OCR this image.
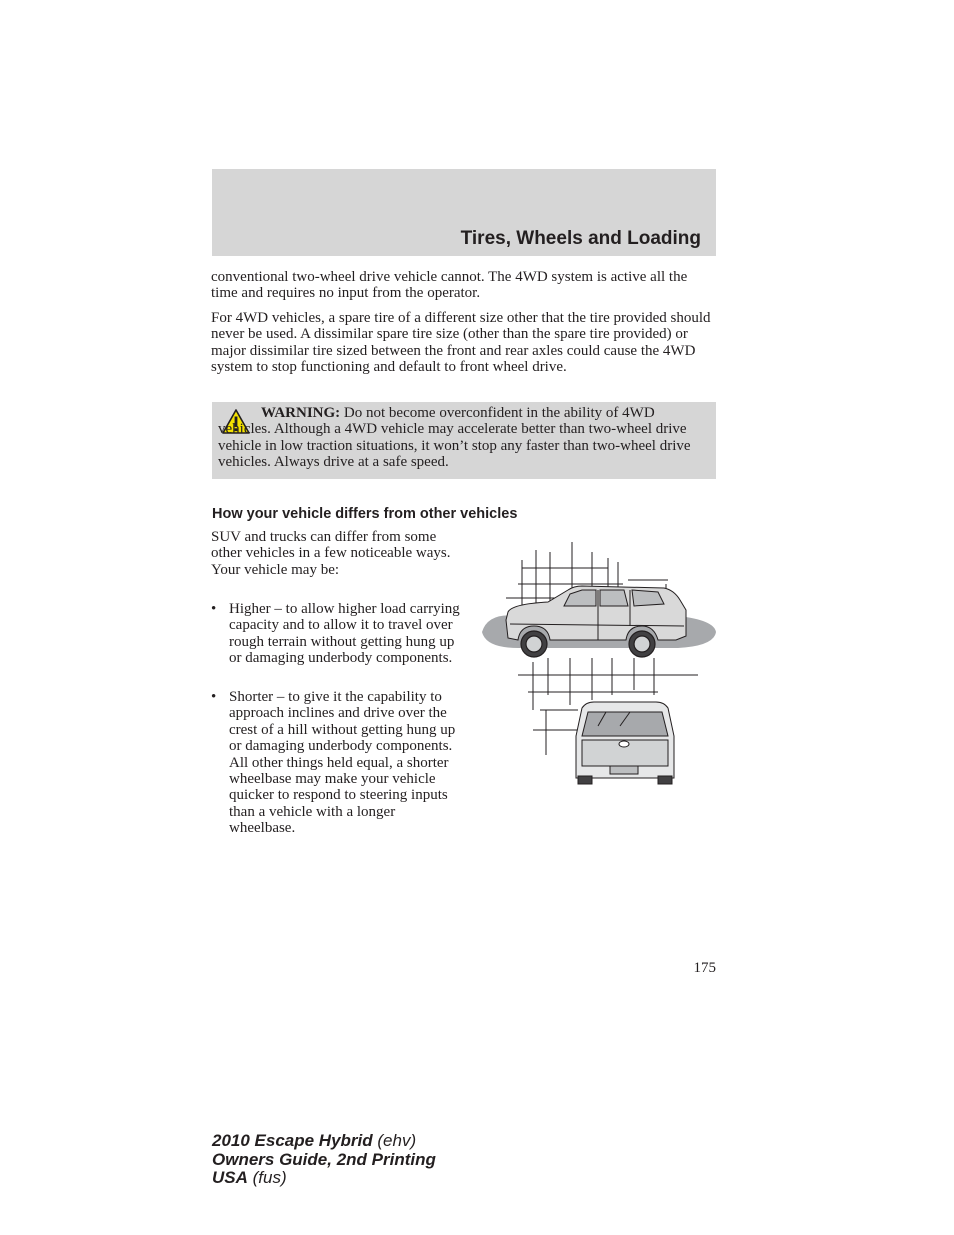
Tires, Wheels and Loading

conventional two-wheel drive vehicle cannot. The 4WD system is active all the time and requires no input from the operator.

For 4WD vehicles, a spare tire of a different size other that the tire provided should never be used. A dissimilar spare tire size (other than the spare tire provided) or major dissimilar tire sized between the front and rear axles could cause the 4WD system to stop functioning and default to front wheel drive.

WARNING: Do not become overconfident in the ability of 4WD vehicles. Although a 4WD vehicle may accelerate better than two-wheel drive vehicle in low traction situations, it won’t stop any faster than two-wheel drive vehicles. Always drive at a safe speed.
How your vehicle differs from other vehicles
SUV and trucks can differ from some other vehicles in a few noticeable ways. Your vehicle may be:
• Higher – to allow higher load carrying capacity and to allow it to travel over rough terrain without getting hung up or damaging underbody components.
• Shorter – to give it the capability to approach inclines and drive over the crest of a hill without getting hung up or damaging underbody components. All other things held equal, a shorter wheelbase may make your vehicle quicker to respond to steering inputs than a vehicle with a longer wheelbase.
175
2010 Escape Hybrid (ehv)
Owners Guide, 2nd Printing
USA (fus)
